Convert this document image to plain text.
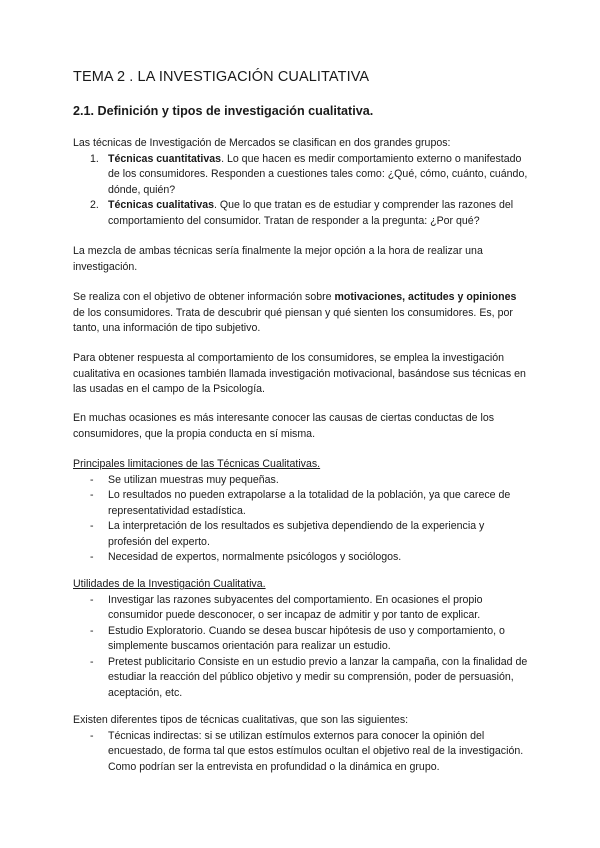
TEMA 2 . LA INVESTIGACIÓN CUALITATIVA
2.1. Definición y tipos de investigación cualitativa.

Las técnicas de Investigación de Mercados se clasifican en dos grandes grupos:

1. Técnicas cuantitativas. Lo que hacen es medir comportamiento externo o manifestado de los consumidores. Responden a cuestiones tales como: ¿Qué, cómo, cuánto, cuándo, dónde, quién?
2. Técnicas cualitativas. Que lo que tratan es de estudiar y comprender las razones del comportamiento del consumidor. Tratan de responder a la pregunta: ¿Por qué?

La mezcla de ambas técnicas sería finalmente la mejor opción a la hora de realizar una investigación.

Se realiza con el objetivo de obtener información sobre motivaciones, actitudes y opiniones de los consumidores. Trata de descubrir qué piensan y qué sienten los consumidores. Es, por tanto, una información de tipo subjetivo.

Para obtener respuesta al comportamiento de los consumidores, se emplea la investigación cualitativa en ocasiones también llamada investigación motivacional, basándose sus técnicas en las usadas en el campo de la Psicología.

En muchas ocasiones es más interesante conocer las causas de ciertas conductas de los consumidores, que la propia conducta en sí misma.

Principales limitaciones de las Técnicas Cualitativas.

- Se utilizan muestras muy pequeñas.
- Lo resultados no pueden extrapolarse a la totalidad de la población, ya que carece de representatividad estadística.
- La interpretación de los resultados es subjetiva dependiendo de la experiencia y profesión del experto.
- Necesidad de expertos, normalmente psicólogos y sociólogos.

Utilidades de la Investigación Cualitativa.

- Investigar las razones subyacentes del comportamiento. En ocasiones el propio consumidor puede desconocer, o ser incapaz de admitir y por tanto de explicar.
- Estudio Exploratorio. Cuando se desea buscar hipótesis de uso y comportamiento, o simplemente buscamos orientación para realizar un estudio.
- Pretest publicitario Consiste en un estudio previo a lanzar la campaña, con la finalidad de estudiar la reacción del público objetivo y medir su comprensión, poder de persuasión, aceptación, etc.

Existen diferentes tipos de técnicas cualitativas, que son las siguientes:

- Técnicas indirectas: si se utilizan estímulos externos para conocer la opinión del encuestado, de forma tal que estos estímulos ocultan el objetivo real de la investigación. Como podrían ser la entrevista en profundidad o la dinámica en grupo.
